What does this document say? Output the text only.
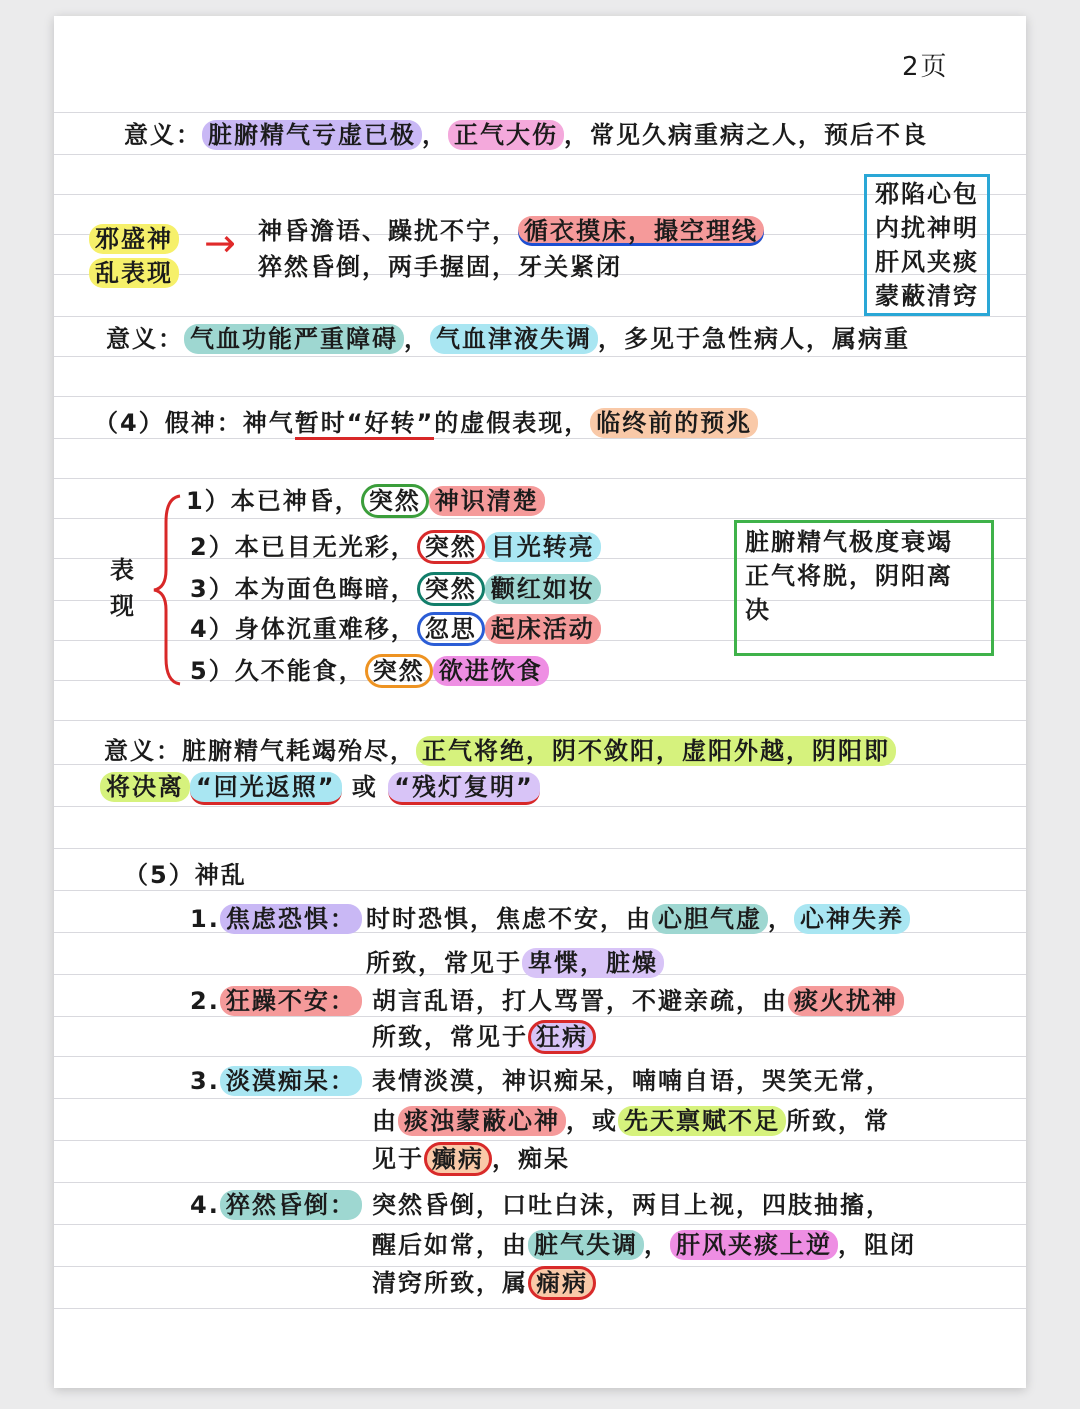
2页
意义： 脏腑精气亏虚已极 ， 正气大伤 ，常见久病重病之人，预后不良
邪盛神
乱表现
→ 神昏澹语、躁扰不宁， 循衣摸床，撮空理线
猝然昏倒，两手握固，牙关紧闭
邪陷心包
内扰神明
肝风夹痰
蒙蔽清窍
意义： 气血功能严重障碍 ， 气血津液失调 ，多见于急性病人，属病重
（4）假神：神气暂时“好转”的虚假表现， 临终前的预兆
表现
1）本已神昏， 突然 神识清楚
2）本已目无光彩， 突然 目光转亮
3）本为面色晦暗， 突然 颧红如妆
4）身体沉重难移， 忽思 起床活动
5）久不能食， 突然 欲进饮食
脏腑精气极度衰竭
正气将脱，阴阳离
决
意义：脏腑精气耗竭殆尽， 正气将绝，阴不敛阳，虚阳外越，阴阳即
将决离 “回光返照” 或 “残灯复明”
（5）神乱
1. 焦虑恐惧： 时时恐惧，焦虑不安，由 心胆气虚 ， 心神失养
所致，常见于 卑惵，脏燥
2. 狂躁不安： 胡言乱语，打人骂詈，不避亲疏，由 痰火扰神
所致，常见于 狂病
3. 淡漠痴呆： 表情淡漠，神识痴呆，喃喃自语，哭笑无常，
由 痰浊蒙蔽心神 ，或 先天禀赋不足 所致，常
见于 癫病 ，痴呆
4. 猝然昏倒： 突然昏倒，口吐白沫，两目上视，四肢抽搐，
醒后如常，由 脏气失调 ， 肝风夹痰上逆 ，阻闭
清窍所致，属 痫病
